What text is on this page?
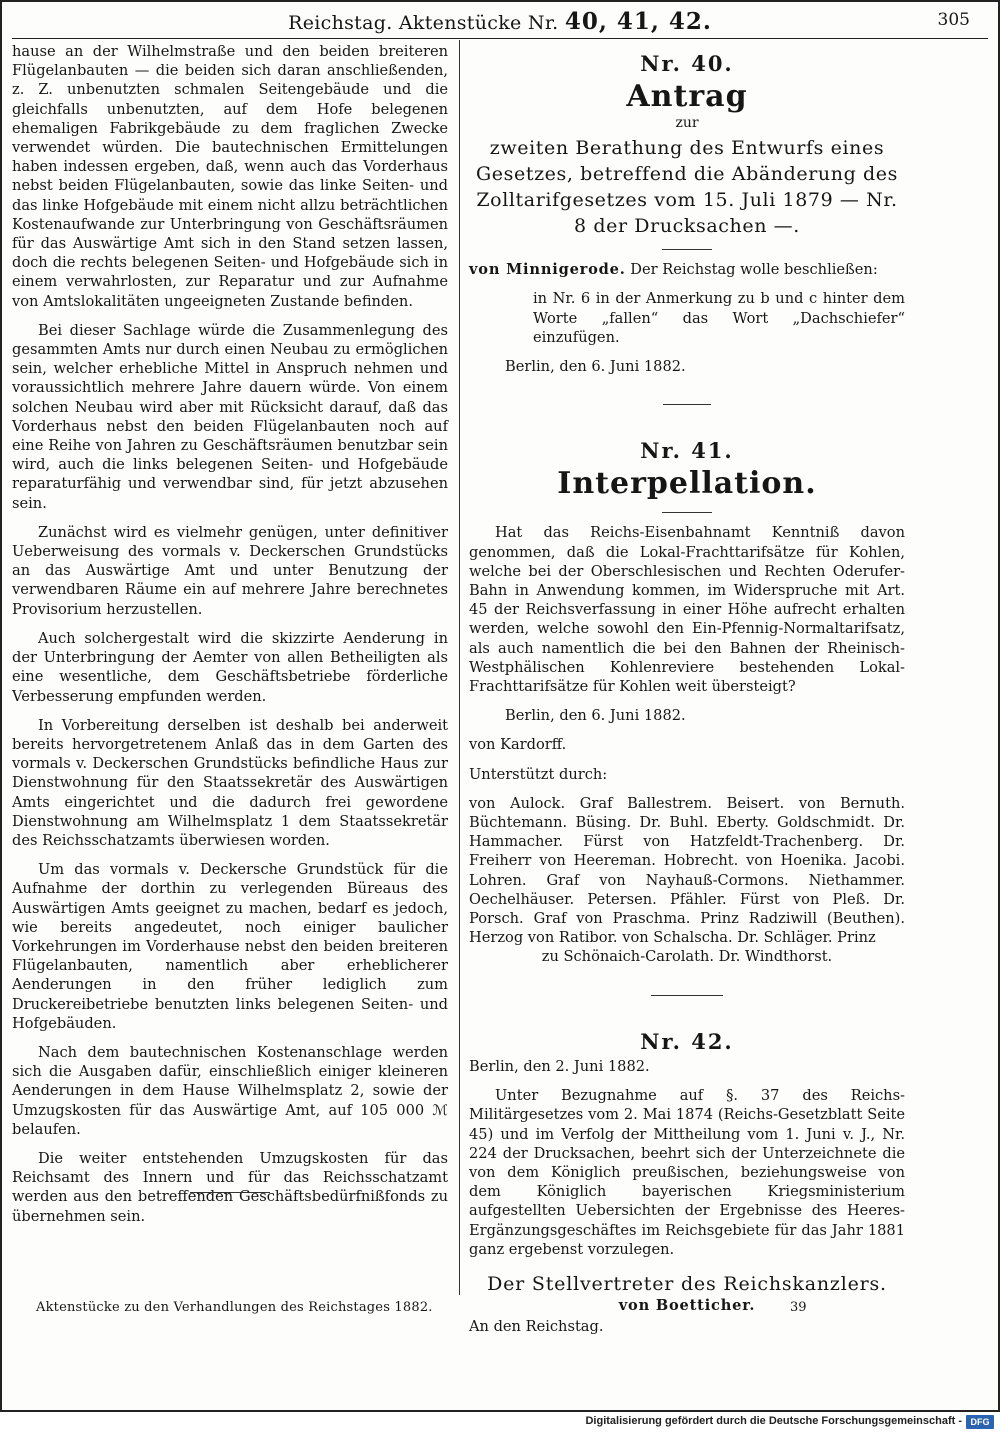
Reichstag. Aktenstücke Nr. 40, 41, 42.	305

hause an der Wilhelmstraße und den beiden breiteren Flügelanbauten — die beiden sich daran anschließenden, z. Z. unbenutzten schmalen Seitengebäude und die gleichfalls unbenutzten, auf dem Hofe belegenen ehemaligen Fabrikgebäude zu dem fraglichen Zwecke verwendet würden. Die bautechnischen Ermittelungen haben indessen ergeben, daß, wenn auch das Vorderhaus nebst beiden Flügelanbauten, sowie das linke Seiten- und das linke Hofgebäude mit einem nicht allzu beträchtlichen Kostenaufwande zur Unterbringung von Geschäftsräumen für das Auswärtige Amt sich in den Stand setzen lassen, doch die rechts belegenen Seiten- und Hofgebäude sich in einem verwahrlosten, zur Reparatur und zur Aufnahme von Amtslokalitäten ungeeigneten Zustande befinden.

Bei dieser Sachlage würde die Zusammenlegung des gesammten Amts nur durch einen Neubau zu ermöglichen sein, welcher erhebliche Mittel in Anspruch nehmen und voraussichtlich mehrere Jahre dauern würde. Von einem solchen Neubau wird aber mit Rücksicht darauf, daß das Vorderhaus nebst den beiden Flügelanbauten noch auf eine Reihe von Jahren zu Geschäftsräumen benutzbar sein wird, auch die links belegenen Seiten- und Hofgebäude reparaturfähig und verwendbar sind, für jetzt abzusehen sein.

Zunächst wird es vielmehr genügen, unter definitiver Ueberweisung des vormals v. Deckerschen Grundstücks an das Auswärtige Amt und unter Benutzung der verwendbaren Räume ein auf mehrere Jahre berechnetes Provisorium herzustellen.

Auch solchergestalt wird die skizzirte Aenderung in der Unterbringung der Aemter von allen Betheiligten als eine wesentliche, dem Geschäftsbetriebe förderliche Verbesserung empfunden werden.

In Vorbereitung derselben ist deshalb bei anderweit bereits hervorgetretenem Anlaß das in dem Garten des vormals v. Deckerschen Grundstücks befindliche Haus zur Dienstwohnung für den Staatssekretär des Auswärtigen Amts eingerichtet und die dadurch frei gewordene Dienstwohnung am Wilhelmsplatz 1 dem Staatssekretär des Reichsschatzamts überwiesen worden.

Um das vormals v. Deckersche Grundstück für die Aufnahme der dorthin zu verlegenden Büreaus des Auswärtigen Amts geeignet zu machen, bedarf es jedoch, wie bereits angedeutet, noch einiger baulicher Vorkehrungen im Vorderhause nebst den beiden breiteren Flügelanbauten, namentlich aber erheblicherer Aenderungen in den früher lediglich zum Druckereibetriebe benutzten links belegenen Seiten- und Hofgebäuden.

Nach dem bautechnischen Kostenanschlage werden sich die Ausgaben dafür, einschließlich einiger kleineren Aenderungen in dem Hause Wilhelmsplatz 2, sowie der Umzugskosten für das Auswärtige Amt, auf 105 000 ℳ belaufen.

Die weiter entstehenden Umzugskosten für das Reichsamt des Innern und für das Reichsschatzamt werden aus den betreffenden Geschäftsbedürfnißfonds zu übernehmen sein.

Nr. 40.
Antrag
zur
zweiten Berathung des Entwurfs eines Gesetzes, betreffend die Abänderung des Zolltarifgesetzes vom 15. Juli 1879 — Nr. 8 der Drucksachen —.

von Minnigerode. Der Reichstag wolle beschließen:

in Nr. 6 in der Anmerkung zu b und c hinter dem Worte „fallen“ das Wort „Dachschiefer“ einzufügen.

Berlin, den 6. Juni 1882.

Nr. 41.
Interpellation.

Hat das Reichs-Eisenbahnamt Kenntniß davon genommen, daß die Lokal-Frachttarifsätze für Kohlen, welche bei der Oberschlesischen und Rechten Oderufer-Bahn in Anwendung kommen, im Widerspruche mit Art. 45 der Reichsverfassung in einer Höhe aufrecht erhalten werden, welche sowohl den Ein-Pfennig-Normaltarifsatz, als auch namentlich die bei den Bahnen der Rheinisch-Westphälischen Kohlenreviere bestehenden Lokal-Frachttarifsätze für Kohlen weit übersteigt?

Berlin, den 6. Juni 1882.

von Kardorff.

Unterstützt durch:

von Aulock. Graf Ballestrem. Beisert. von Bernuth. Büchtemann. Büsing. Dr. Buhl. Eberty. Goldschmidt. Dr. Hammacher. Fürst von Hatzfeldt-Trachenberg. Dr. Freiherr von Heereman. Hobrecht. von Hoenika. Jacobi. Lohren. Graf von Nayhauß-Cormons. Niethammer. Oechelhäuser. Petersen. Pfähler. Fürst von Pleß. Dr. Porsch. Graf von Praschma. Prinz Radziwill (Beuthen). Herzog von Ratibor. von Schalscha. Dr. Schläger. Prinz
zu Schönaich-Carolath. Dr. Windthorst.

Nr. 42.

Berlin, den 2. Juni 1882.

Unter Bezugnahme auf §. 37 des Reichs-Militärgesetzes vom 2. Mai 1874 (Reichs-Gesetzblatt Seite 45) und im Verfolg der Mittheilung vom 1. Juni v. J., Nr. 224 der Drucksachen, beehrt sich der Unterzeichnete die von dem Königlich preußischen, beziehungsweise von dem Königlich bayerischen Kriegsministerium aufgestellten Uebersichten der Ergebnisse des Heeres-Ergänzungsgeschäftes im Reichsgebiete für das Jahr 1881 ganz ergebenst vorzulegen.

Der Stellvertreter des Reichskanzlers.
von Boetticher.

An den Reichstag.

Aktenstücke zu den Verhandlungen des Reichstages 1882.	39
Digitalisierung gefördert durch die Deutsche Forschungsgemeinschaft - DFG
